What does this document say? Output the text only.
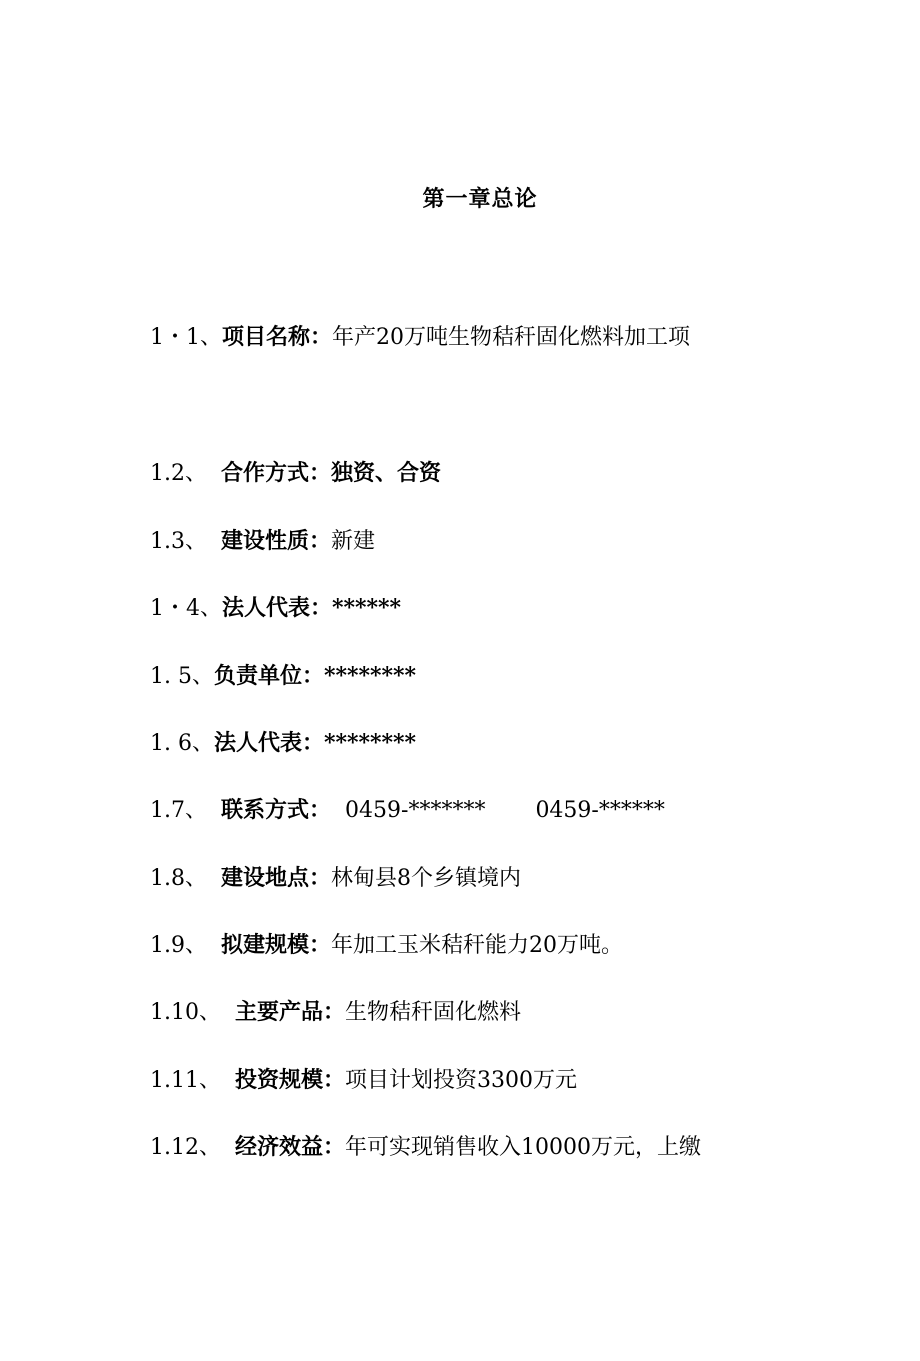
第一章总论
1・1、项目名称：年产20万吨生物秸秆固化燃料加工项
1.2、 合作方式：独资、合资
1.3、 建设性质：新建
1・4、法人代表：******
1. 5、负责单位：********
1. 6、法人代表：********
1.7、 联系方式： 0459-******* 0459-******
1.8、 建设地点：林甸县8个乡镇境内
1.9、 拟建规模：年加工玉米秸秆能力20万吨。
1.10、 主要产品：生物秸秆固化燃料
1.11、 投资规模：项目计划投资3300万元
1.12、 经济效益：年可实现销售收入10000万元，上缴
